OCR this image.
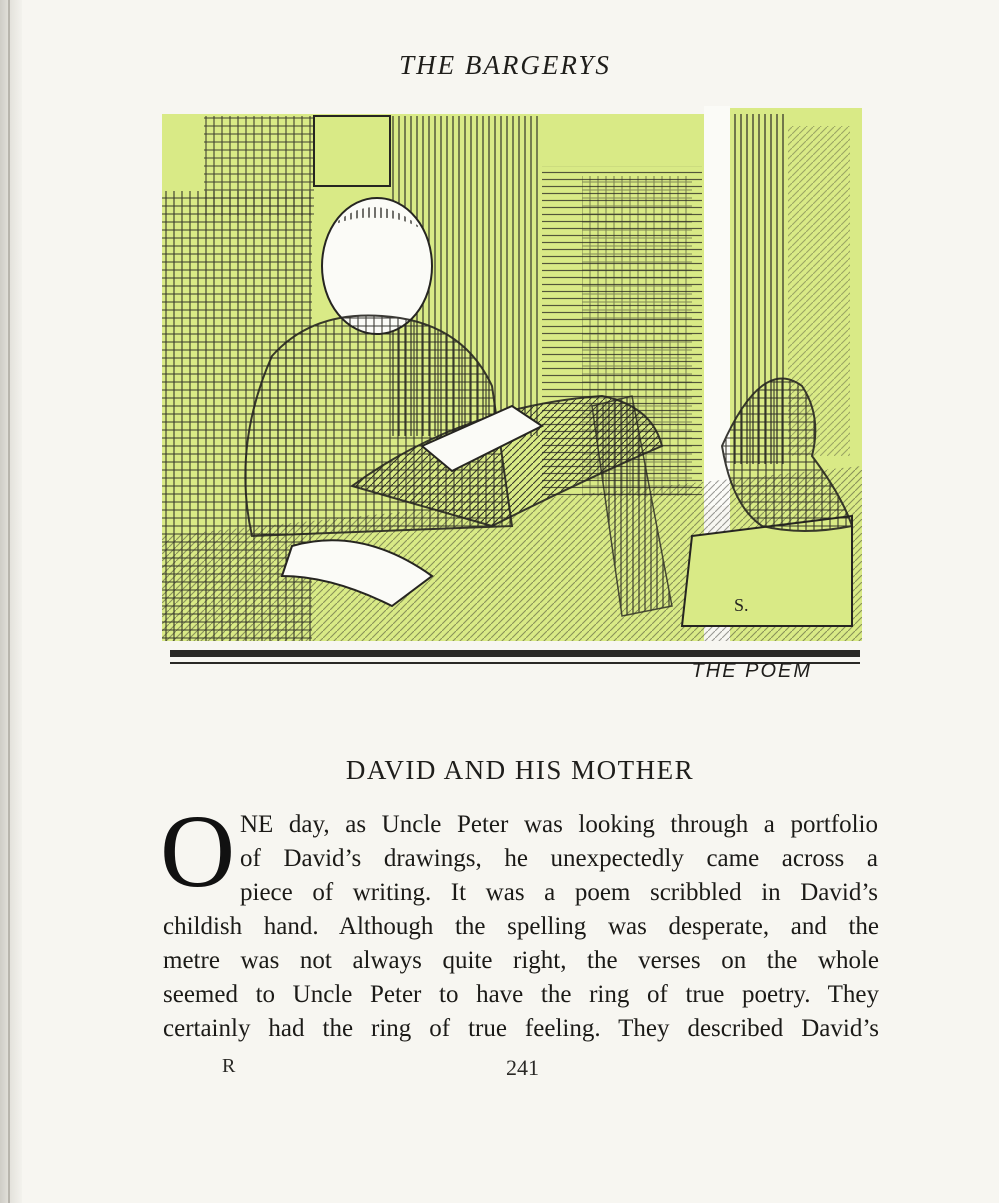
THE BARGERYS
S.
THE POEM
DAVID AND HIS MOTHER
O NE day, as Uncle Peter was looking through a portfolio
of David’s drawings, he unexpectedly came across a
piece of writing. It was a poem scribbled in David’s
childish hand. Although the spelling was desperate, and the
metre was not always quite right, the verses on the whole
seemed to Uncle Peter to have the ring of true poetry. They
certainly had the ring of true feeling. They described David’s
R	241
